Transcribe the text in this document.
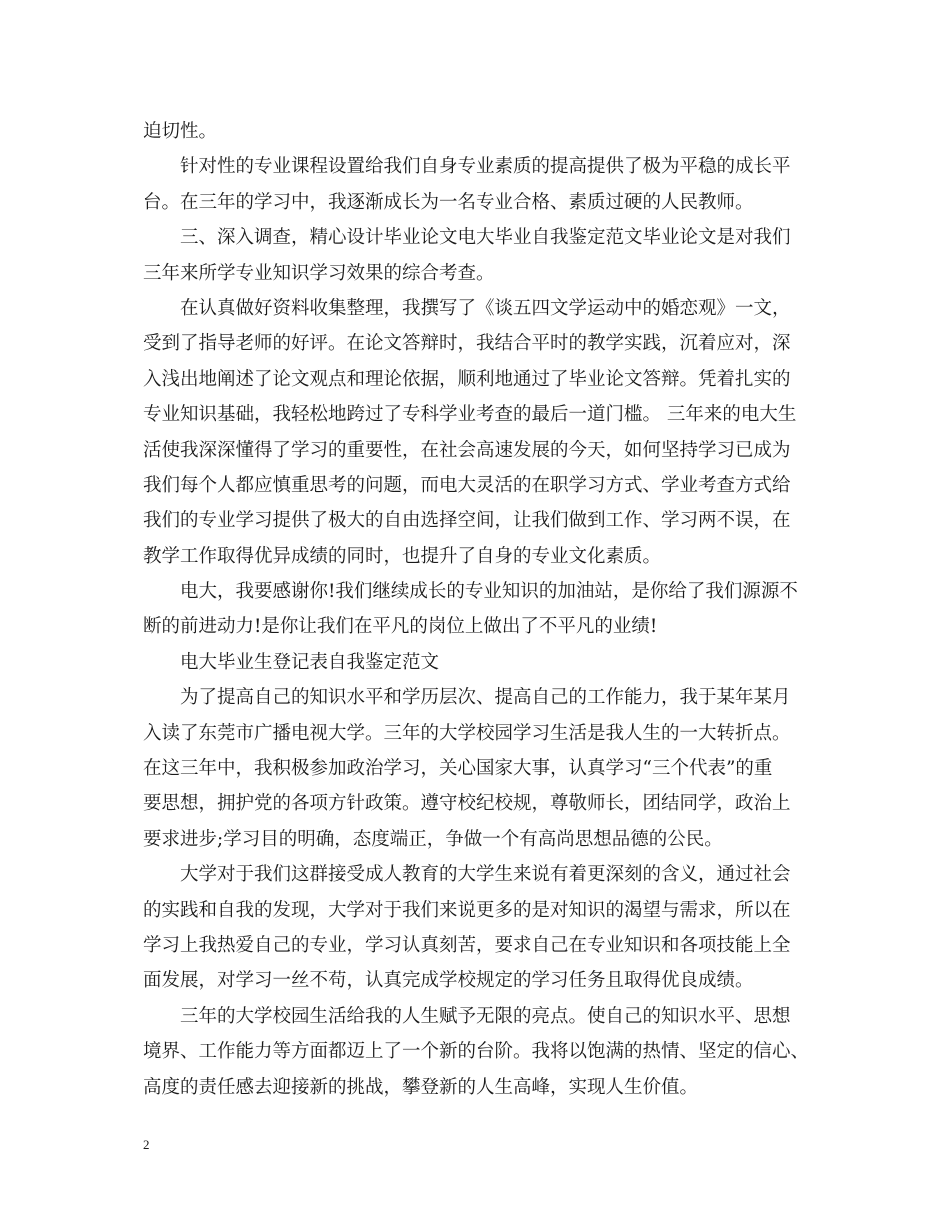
迫切性。
针对性的专业课程设置给我们自身专业素质的提高提供了极为平稳的成长平
台。在三年的学习中，我逐渐成长为一名专业合格、素质过硬的人民教师。
三、深入调查，精心设计毕业论文电大毕业自我鉴定范文毕业论文是对我们
三年来所学专业知识学习效果的综合考查。
在认真做好资料收集整理，我撰写了《谈五四文学运动中的婚恋观》一文，
受到了指导老师的好评。在论文答辩时，我结合平时的教学实践，沉着应对，深
入浅出地阐述了论文观点和理论依据，顺利地通过了毕业论文答辩。凭着扎实的
专业知识基础，我轻松地跨过了专科学业考查的最后一道门槛。 三年来的电大生
活使我深深懂得了学习的重要性，在社会高速发展的今天，如何坚持学习已成为
我们每个人都应慎重思考的问题，而电大灵活的在职学习方式、学业考查方式给
我们的专业学习提供了极大的自由选择空间，让我们做到工作、学习两不误，在
教学工作取得优异成绩的同时，也提升了自身的专业文化素质。
电大，我要感谢你!我们继续成长的专业知识的加油站，是你给了我们源源不
断的前进动力!是你让我们在平凡的岗位上做出了不平凡的业绩!
电大毕业生登记表自我鉴定范文
为了提高自己的知识水平和学历层次、提高自己的工作能力，我于某年某月
入读了东莞市广播电视大学。三年的大学校园学习生活是我人生的一大转折点。
在这三年中，我积极参加政治学习，关心国家大事，认真学习“三个代表”的重
要思想，拥护党的各项方针政策。遵守校纪校规，尊敬师长，团结同学，政治上
要求进步;学习目的明确，态度端正，争做一个有高尚思想品德的公民。
大学对于我们这群接受成人教育的大学生来说有着更深刻的含义，通过社会
的实践和自我的发现，大学对于我们来说更多的是对知识的渴望与需求，所以在
学习上我热爱自己的专业，学习认真刻苦，要求自己在专业知识和各项技能上全
面发展，对学习一丝不苟，认真完成学校规定的学习任务且取得优良成绩。
三年的大学校园生活给我的人生赋予无限的亮点。使自己的知识水平、思想
境界、工作能力等方面都迈上了一个新的台阶。我将以饱满的热情、坚定的信心、
高度的责任感去迎接新的挑战，攀登新的人生高峰，实现人生价值。
2
